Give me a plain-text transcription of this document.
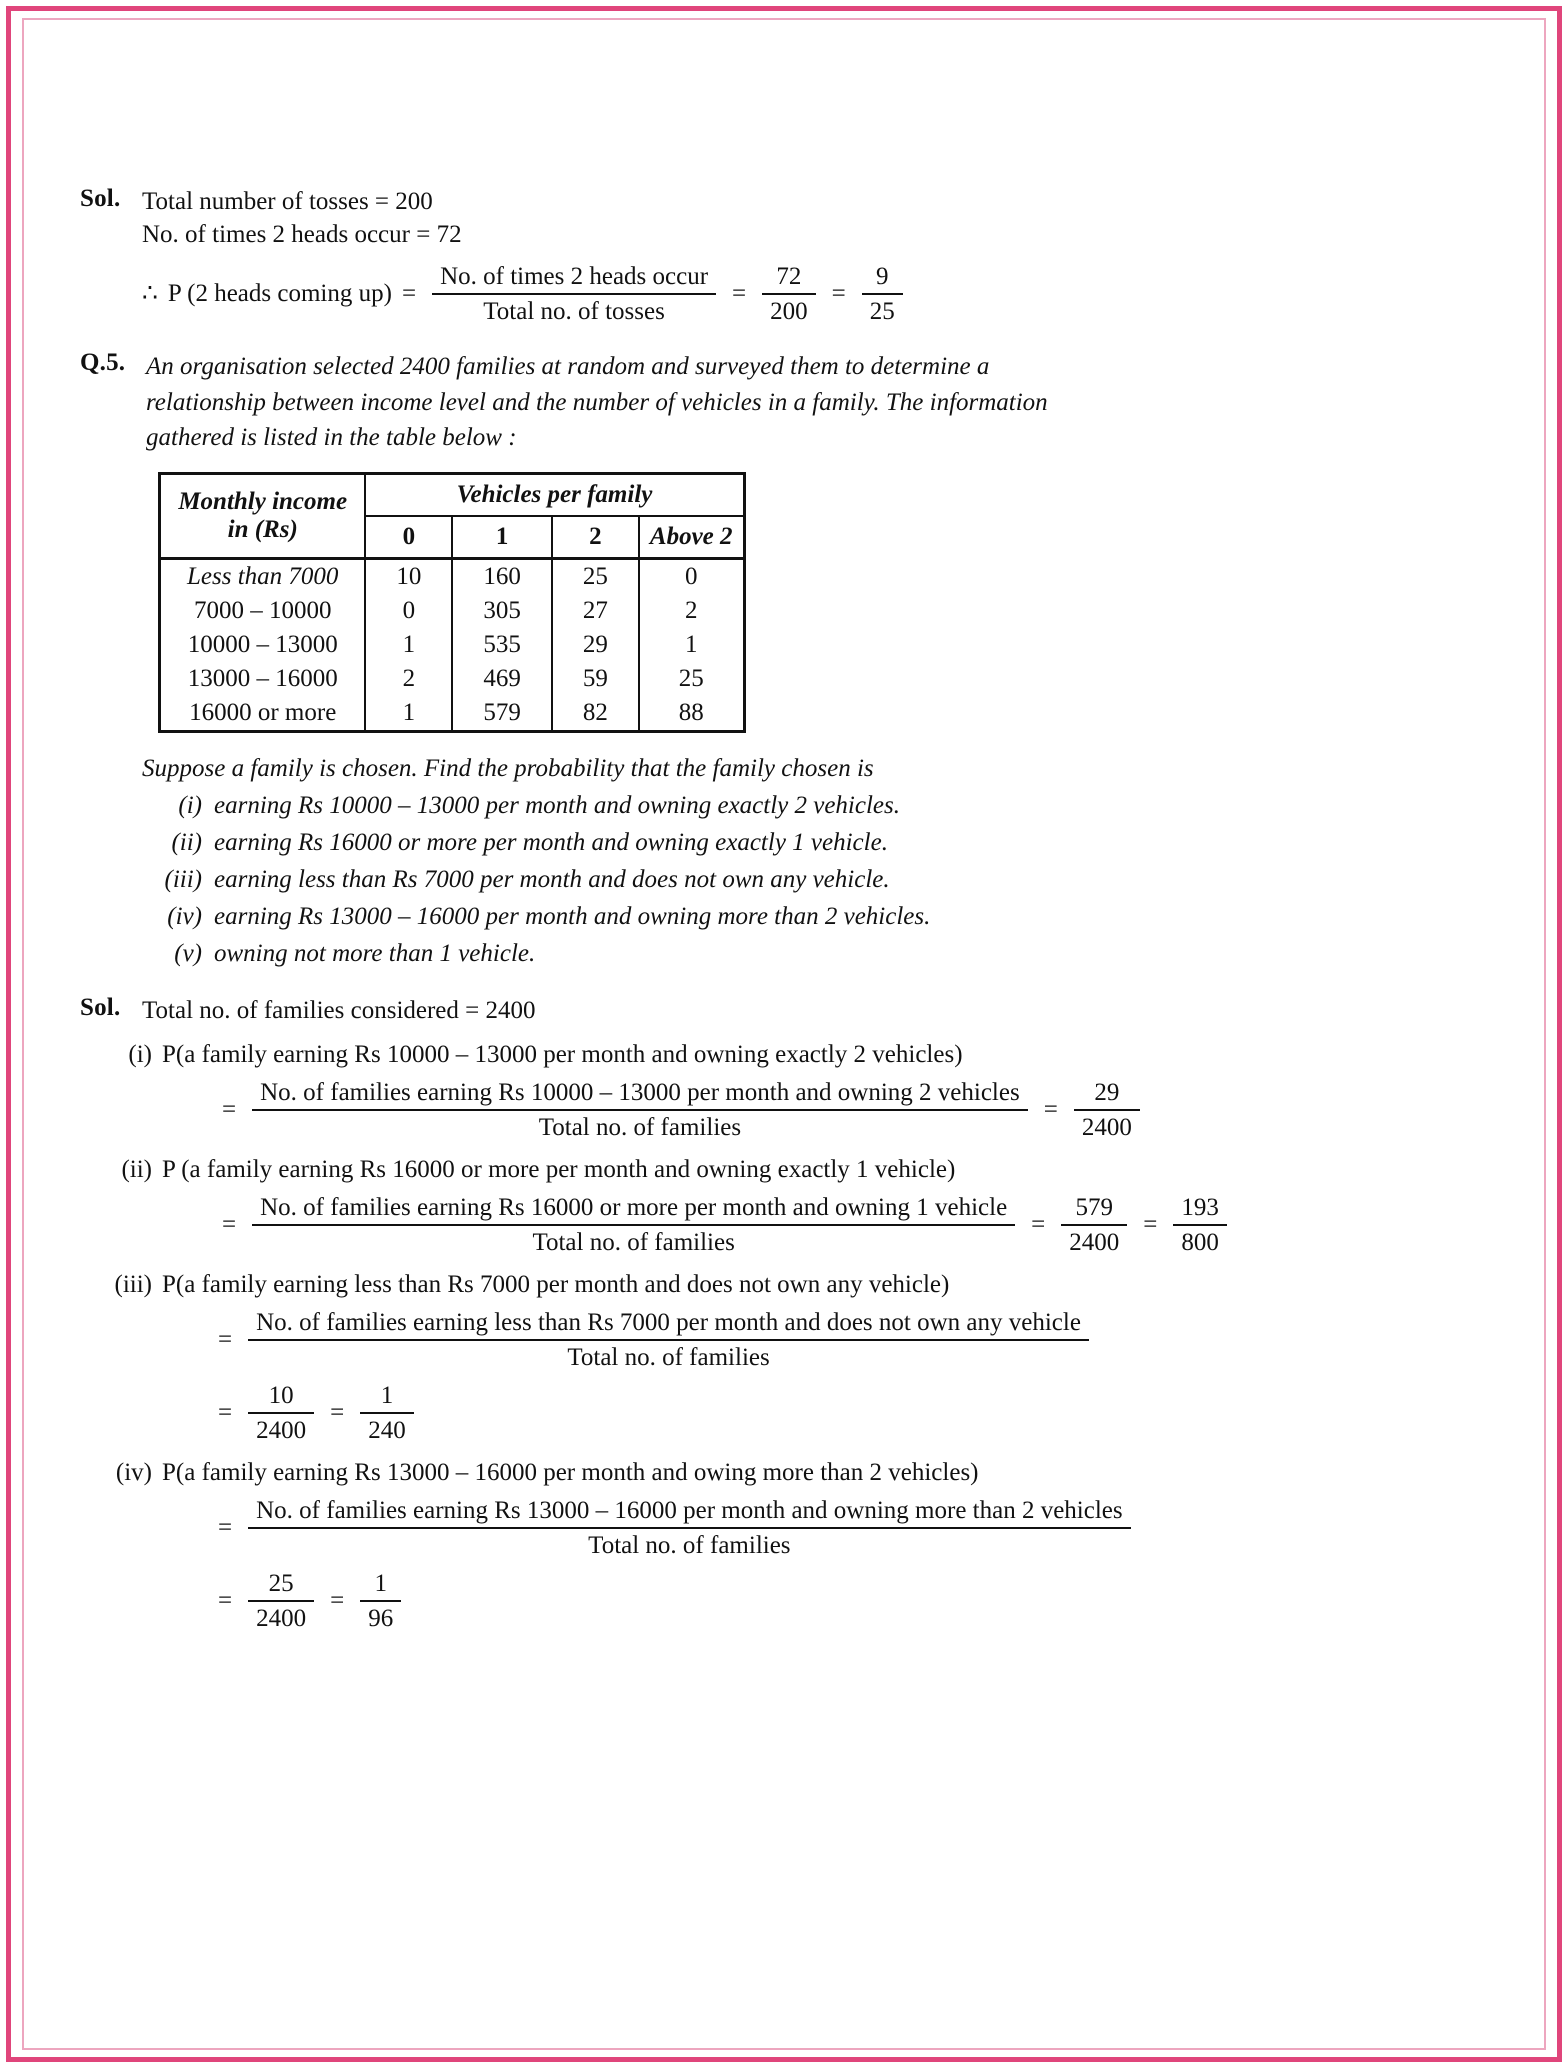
Sol. Total number of tosses = 200
No. of times 2 heads occur = 72
∴ P (2 heads coming $up) = \frac{\text{No. of times 2 heads occur}}{\text{Total no. of tosses}} = \frac{72}{200} = \frac{9}{25}$
Q.5. An organisation selected 2400 families at random and surveyed them to determine a
relationship between income level and the number of vehicles in a family. The information
gathered is listed in the table below :
Monthly income
in (Rs)	Vehicles per family			
	0	1	2	Above 2
Less than 7000	10	160	25	0
7000 – 10000	0	305	27	2
10000 – 13000	1	535	29	1
13000 – 16000	2	469	59	25
16000 or more	1	579	82	88
Suppose a family is chosen. Find the probability that the family chosen is
(i) earning Rs 10000 – 13000 per month and owning exactly 2 vehicles.
(ii) earning Rs 16000 or more per month and owning exactly 1 vehicle.
(iii) earning less than Rs 7000 per month and does not own any vehicle.
(iv) earning Rs 13000 – 16000 per month and owning more than 2 vehicles.
(v) owning not more than 1 vehicle.
Sol. Total no. of families considered = 2400
(i) P(a family earning Rs 10000 – 13000 per month and owning exactly 2 vehicles)
=
No. of families earning Rs 10000 – 13000 per month and owning 2 vehicles
Total no. of families
= $\frac{29}{2400}$
(ii) P (a family earning Rs 16000 or more per month and owning exactly 1 vehicle)
=
No. of families earning Rs 16000 or more per month and owning 1 vehicle
Total no. of families
= $\frac{579}{2400} = \frac{193}{800}$
(iii) P(a family earning less than Rs 7000 per month and does not own any vehicle)
=
No. of families earning less than Rs 7000 per month and does not own any vehicle
Total no. of families
= $\frac{10}{2400} = \frac{1}{240}$
(iv) P(a family earning Rs 13000 – 16000 per month and owing more than 2 vehicles)
=
No. of families earning Rs 13000 – 16000 per month and owning more than 2 vehicles
Total no. of families
= $\frac{25}{2400} = \frac{1}{96}$
